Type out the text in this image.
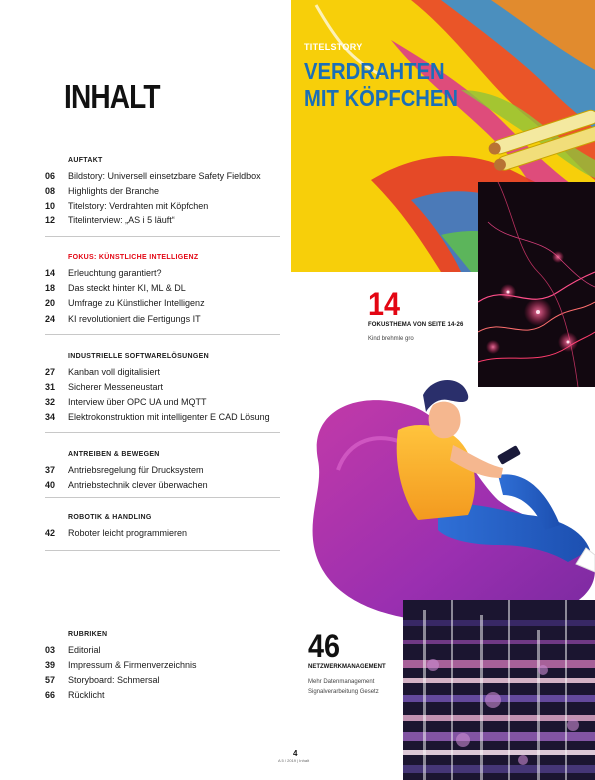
INHALT
AUFTAKT
06	Bildstory: Universell einsetzbare Safety Fieldbox
08	Highlights der Branche
10	Titelstory: Verdrahten mit Köpfchen
12	Titelinterview: „AS i 5 läuft“
FOKUS: KÜNSTLICHE INTELLIGENZ
14	Erleuchtung garantiert?
18	Das steckt hinter KI, ML & DL
20	Umfrage zu Künstlicher Intelligenz
24	KI revolutioniert die Fertigungs IT
INDUSTRIELLE SOFTWARELÖSUNGEN
27	Kanban voll digitalisiert
31	Sicherer Messeneustart
32	Interview über OPC UA und MQTT
34	Elektrokonstruktion mit intelligenter E CAD Lösung
ANTREIBEN & BEWEGEN
37	Antriebsregelung für Drucksystem
40	Antriebstechnik clever überwachen
ROBOTIK & HANDLING
42	Roboter leicht programmieren
RUBRIKEN
03	Editorial
39	Impressum & Firmenverzeichnis
57	Storyboard: Schmersal
66	Rücklicht
TITELSTORY
VERDRAHTEN
MIT KÖPFCHEN
14
FOKUSTHEMA VON SEITE 14-26
Kind brehmle gro
46
NETZWERKMANAGEMENT
Mehr Datenmanagement Signalverarbeitung Gesetz
4
A 5 / 2019 | Inhalt
